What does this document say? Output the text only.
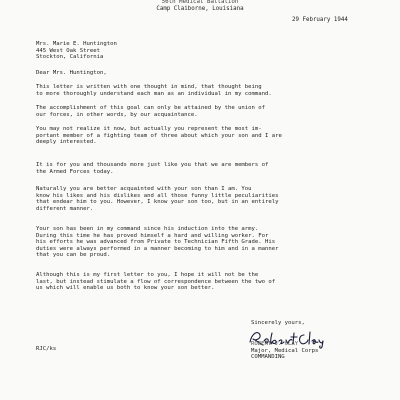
56th Medical Battalion
Camp Claiborne, Louisiana
29 February 1944
Mrs. Marie E. Huntington
445 West Oak Street
Stockton, California
Dear Mrs. Huntington,
This letter is written with one thought in mind, that thought being
to more thoroughly understand each man as an individual in my command.
The accomplishment of this goal can only be attained by the union of
our forces, in other words, by our acquaintance.
You may not realize it now, but actually you represent the most im-
portant member of a fighting team of three about which your son and I are
deeply interested.
It is for you and thousands more just like you that we are members of
the Armed Forces today.
Naturally you are better acquainted with your son than I am. You
know his likes and his dislikes and all those funny little peculiarities
that endear him to you. However, I know your son too, but in an entirely
different manner.
Your son has been in my command since his induction into the army.
During this time he has proved himself a hard and willing worker. For
his efforts he was advanced from Private to Technician Fifth Grade. His
duties were always performed in a manner becoming to him and in a manner
that you can be proud.
Although this is my first letter to you, I hope it will not be the
last, but instead stimulate a flow of correspondence between the two of
us which will enable us both to know your son better.
Sincerely yours,
ROBERT J. CLAY
Major, Medical Corps
COMMANDING
RJC/ks
